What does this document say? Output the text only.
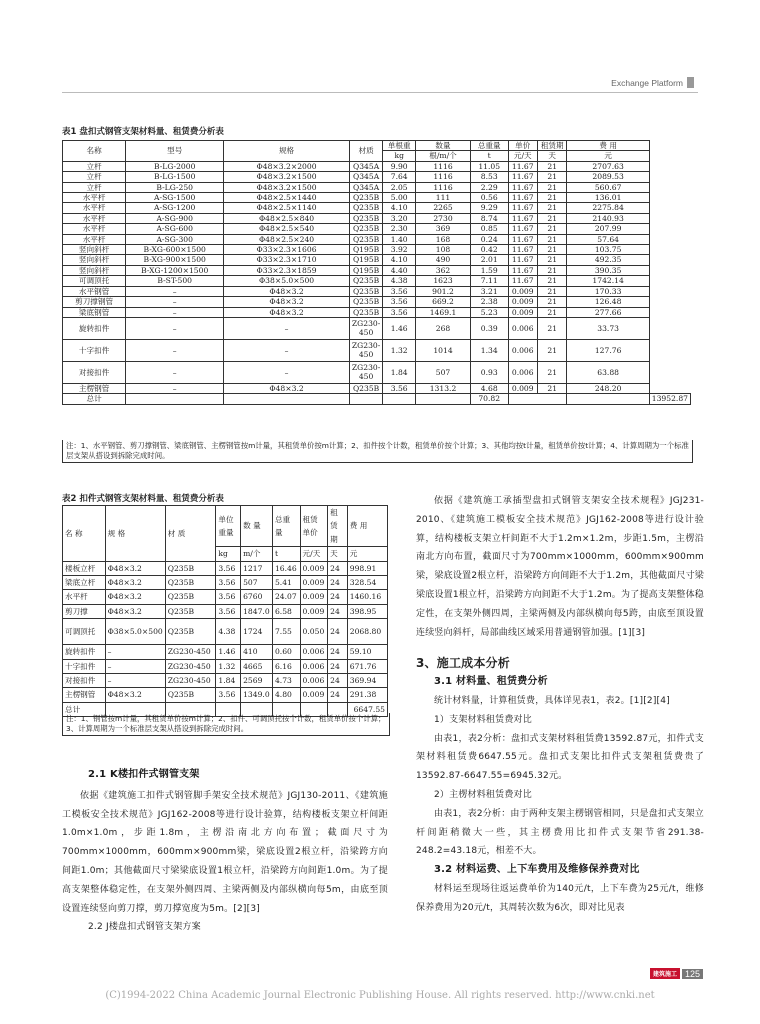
Exchange Platform
表1 盘扣式钢管支架材料量、租赁费分析表
名称	型号	规格	材质	单根重	数量	总重量	单价	租赁期	费 用	
				kg	根/m/个	t	元/天	天	元	
立杆	B-LG-2000	Φ48×3.2×2000	Q345A	9.90	1116	11.05	11.67	21	2707.63	
立杆	B-LG-1500	Φ48×3.2×1500	Q345A	7.64	1116	8.53	11.67	21	2089.53	
立杆	B-LG-250	Φ48×3.2×1500	Q345A	2.05	1116	2.29	11.67	21	560.67	
水平杆	A-SG-1500	Φ48×2.5×1440	Q235B	5.00	111	0.56	11.67	21	136.01	
水平杆	A-SG-1200	Φ48×2.5×1140	Q235B	4.10	2265	9.29	11.67	21	2275.84	
水平杆	A-SG-900	Φ48×2.5×840	Q235B	3.20	2730	8.74	11.67	21	2140.93	
水平杆	A-SG-600	Φ48×2.5×540	Q235B	2.30	369	0.85	11.67	21	207.99	
水平杆	A-SG-300	Φ48×2.5×240	Q235B	1.40	168	0.24	11.67	21	57.64	
竖向斜杆	B-XG-600×1500	Φ33×2.3×1606	Q195B	3.92	108	0.42	11.67	21	103.75	
竖向斜杆	B-XG-900×1500	Φ33×2.3×1710	Q195B	4.10	490	2.01	11.67	21	492.35	
竖向斜杆	B-XG-1200×1500	Φ33×2.3×1859	Q195B	4.40	362	1.59	11.67	21	390.35	
可调顶托	B-ST-500	Φ38×5.0×500	Q235B	4.38	1623	7.11	11.67	21	1742.14	
水平钢管	–	Φ48×3.2	Q235B	3.56	901.2	3.21	0.009	21	170.33	
剪刀撑钢管	–	Φ48×3.2	Q235B	3.56	669.2	2.38	0.009	21	126.48	
梁底钢管	–	Φ48×3.2	Q235B	3.56	1469.1	5.23	0.009	21	277.66	
旋转扣件	–	–	ZG230-450	1.46	268	0.39	0.006	21	33.73	
十字扣件	–	–	ZG230-450	1.32	1014	1.34	0.006	21	127.76	
对接扣件	–	–	ZG230-450	1.84	507	0.93	0.006	21	63.88	
主楞钢管	–	Φ48×3.2	Q235B	3.56	1313.2	4.68	0.009	21	248.20	
总计						70.82				13952.87
注：1、水平钢管、剪刀撑钢管、梁底钢管、主楞钢管按m计量，其租赁单价按m计算；2、扣件按个计数，租赁单价按个计算；3、其他均按t计量，租赁单价按t计算；4、计算周期为一个标准层支架从搭设到拆除完成时间。
表2 扣件式钢管支架材料量、租赁费分析表
名 称	规 格	材 质	单位重量	数 量	总重量	租赁单价	租赁期	费 用
			kg	m/个	t	元/天	天	元
楼板立杆	Φ48×3.2	Q235B	3.56	1217	16.46	0.009	24	998.91
梁底立杆	Φ48×3.2	Q235B	3.56	507	5.41	0.009	24	328.54
水平杆	Φ48×3.2	Q235B	3.56	6760	24.07	0.009	24	1460.16
剪刀撑	Φ48×3.2	Q235B	3.56	1847.0	6.58	0.009	24	398.95
可调顶托	Φ38×5.0×500	Q235B	4.38	1724	7.55	0.050	24	2068.80
旋转扣件	–	ZG230-450	1.46	410	0.60	0.006	24	59.10
十字扣件	–	ZG230-450	1.32	4665	6.16	0.006	24	671.76
对接扣件	–	ZG230-450	1.84	2569	4.73	0.006	24	369.94
主楞钢管	Φ48×3.2	Q235B	3.56	1349.0	4.80	0.009	24	291.38
总计								6647.55
注：1、钢管按m计量，其租赁单价按m计算；2、扣件、可调顶托按个计数，租赁单价按个计算；3、计算周期为一个标准层支架从搭设到拆除完成时间。

2.1 K楼扣件式钢管支架

依据《建筑施工扣件式钢管脚手架安全技术规范》JGJ130-2011、《建筑施工模板安全技术规范》JGJ162-2008等进行设计验算，结构楼板支架立杆间距1.0m×1.0m，步距1.8m，主楞沿南北方向布置；截面尺寸为700mm×1000mm，600mm×900mm梁，梁底设置2根立杆，沿梁跨方向间距1.0m；其他截面尺寸梁梁底设置1根立杆，沿梁跨方向间距1.0m。为了提高支架整体稳定性，在支架外侧四周、主梁两侧及内部纵横向每5m，由底至顶设置连续竖向剪刀撑，剪刀撑宽度为5m。[2][3]

2.2 J楼盘扣式钢管支架方案

依据《建筑施工承插型盘扣式钢管支架安全技术规程》JGJ231-2010、《建筑施工模板安全技术规范》JGJ162-2008等进行设计验算，结构楼板支架立杆间距不大于1.2m×1.2m，步距1.5m，主楞沿南北方向布置，截面尺寸为700mm×1000mm，600mm×900mm梁，梁底设置2根立杆，沿梁跨方向间距不大于1.2m，其他截面尺寸梁梁底设置1根立杆，沿梁跨方向间距不大于1.2m。为了提高支架整体稳定性，在支架外侧四周，主梁两侧及内部纵横向每5跨，由底至顶设置连续竖向斜杆，局部曲线区域采用普通钢管加强。[1][3]

3、施工成本分析

3.1 材料量、租赁费分析

统计材料量，计算租赁费，具体详见表1，表2。[1][2][4]

1）支架材料租赁费对比

由表1，表2分析：盘扣式支架材料租赁费13592.87元，扣件式支架材料租赁费6647.55元。盘扣式支架比扣件式支架租赁费贵了13592.87-6647.55=6945.32元。

2）主楞材料租赁费对比

由表1，表2分析：由于两种支架主楞钢管相同，只是盘扣式支架立杆间距稍微大一些，其主楞费用比扣件式支架节省291.38-248.2=43.18元，相差不大。

3.2 材料运费、上下车费用及维修保养费对比

材料运至现场往返运费单价为140元/t，上下车费为25元/t，维修保养费用为20元/t，其周转次数为6次，即对比见表

建筑施工 125
(C)1994-2022 China Academic Journal Electronic Publishing House. All rights reserved. http://www.cnki.net
